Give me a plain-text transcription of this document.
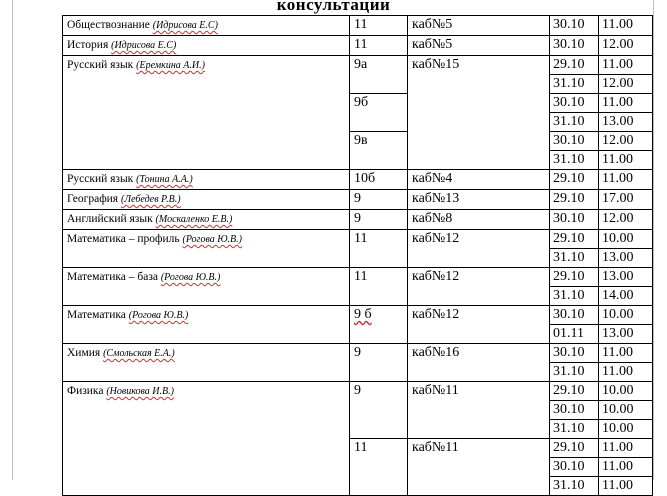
консультации
Обществознание (Идрисова Е.С)	11	каб№5	30.10	11.00
История (Идрисова Е.С)	11	каб№5	30.10	12.00
Русский язык (Еремкина А.И.)	9а	каб№15	29.10	11.00
			31.10	12.00
	9б		30.10	11.00
			31.10	13.00
	9в		30.10	12.00
			31.10	11.00
Русский язык (Тонина А.А.)	10б	каб№4	29.10	11.00
География (Лебедев Р.В.)	9	каб№13	29.10	17.00
Английский язык (Москаленко Е.В.)	9	каб№8	30.10	12.00
Математика – профиль (Рогова Ю.В.)	11	каб№12	29.10	10.00
			31.10	13.00
Математика – база (Рогова Ю.В.)	11	каб№12	29.10	13.00
			31.10	14.00
Математика (Рогова Ю.В.)	9 б	каб№12	30.10	10.00
			01.11	13.00
Химия (Смольская Е.А.)	9	каб№16	30.10	11.00
			31.10	11.00
Физика (Новикова И.В.)	9	каб№11	29.10	10.00
			30.10	10.00
			31.10	10.00
	11	каб№11	29.10	11.00
			30.10	11.00
			31.10	11.00
